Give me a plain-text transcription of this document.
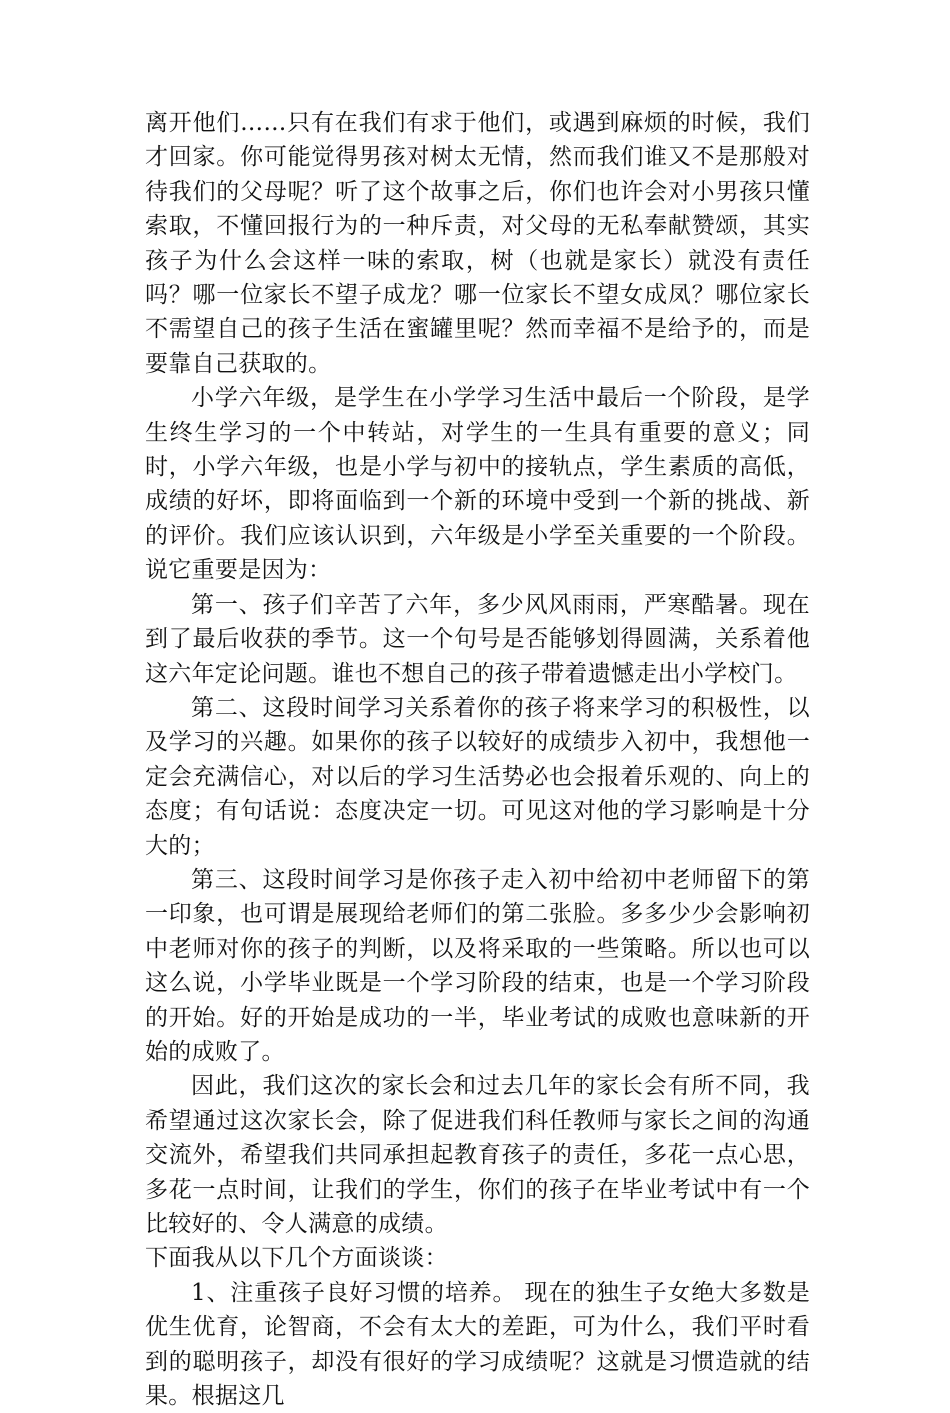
离开他们……只有在我们有求于他们，或遇到麻烦的时候，我们才回家。你可能觉得男孩对树太无情，然而我们谁又不是那般对待我们的父母呢？听了这个故事之后，你们也许会对小男孩只懂索取，不懂回报行为的一种斥责，对父母的无私奉献赞颂，其实孩子为什么会这样一味的索取，树（也就是家长）就没有责任吗？哪一位家长不望子成龙？哪一位家长不望女成凤？哪位家长不需望自己的孩子生活在蜜罐里呢？然而幸福不是给予的，而是要靠自己获取的。

小学六年级，是学生在小学学习生活中最后一个阶段，是学生终生学习的一个中转站，对学生的一生具有重要的意义；同时，小学六年级，也是小学与初中的接轨点，学生素质的高低，成绩的好坏，即将面临到一个新的环境中受到一个新的挑战、新的评价。我们应该认识到，六年级是小学至关重要的一个阶段。说它重要是因为：

第一、孩子们辛苦了六年，多少风风雨雨，严寒酷暑。现在到了最后收获的季节。这一个句号是否能够划得圆满，关系着他这六年定论问题。谁也不想自己的孩子带着遗憾走出小学校门。

第二、这段时间学习关系着你的孩子将来学习的积极性，以及学习的兴趣。如果你的孩子以较好的成绩步入初中，我想他一定会充满信心，对以后的学习生活势必也会报着乐观的、向上的态度；有句话说：态度决定一切。可见这对他的学习影响是十分大的；

第三、这段时间学习是你孩子走入初中给初中老师留下的第一印象，也可谓是展现给老师们的第二张脸。多多少少会影响初中老师对你的孩子的判断，以及将采取的一些策略。所以也可以这么说，小学毕业既是一个学习阶段的结束，也是一个学习阶段的开始。好的开始是成功的一半，毕业考试的成败也意味新的开始的成败了。

因此，我们这次的家长会和过去几年的家长会有所不同，我希望通过这次家长会，除了促进我们科任教师与家长之间的沟通交流外，希望我们共同承担起教育孩子的责任，多花一点心思，多花一点时间，让我们的学生，你们的孩子在毕业考试中有一个比较好的、令人满意的成绩。

下面我从以下几个方面谈谈：

1、注重孩子良好习惯的培养。 现在的独生子女绝大多数是优生优育，论智商，不会有太大的差距，可为什么，我们平时看到的聪明孩子，却没有很好的学习成绩呢？这就是习惯造就的结果。根据这几
